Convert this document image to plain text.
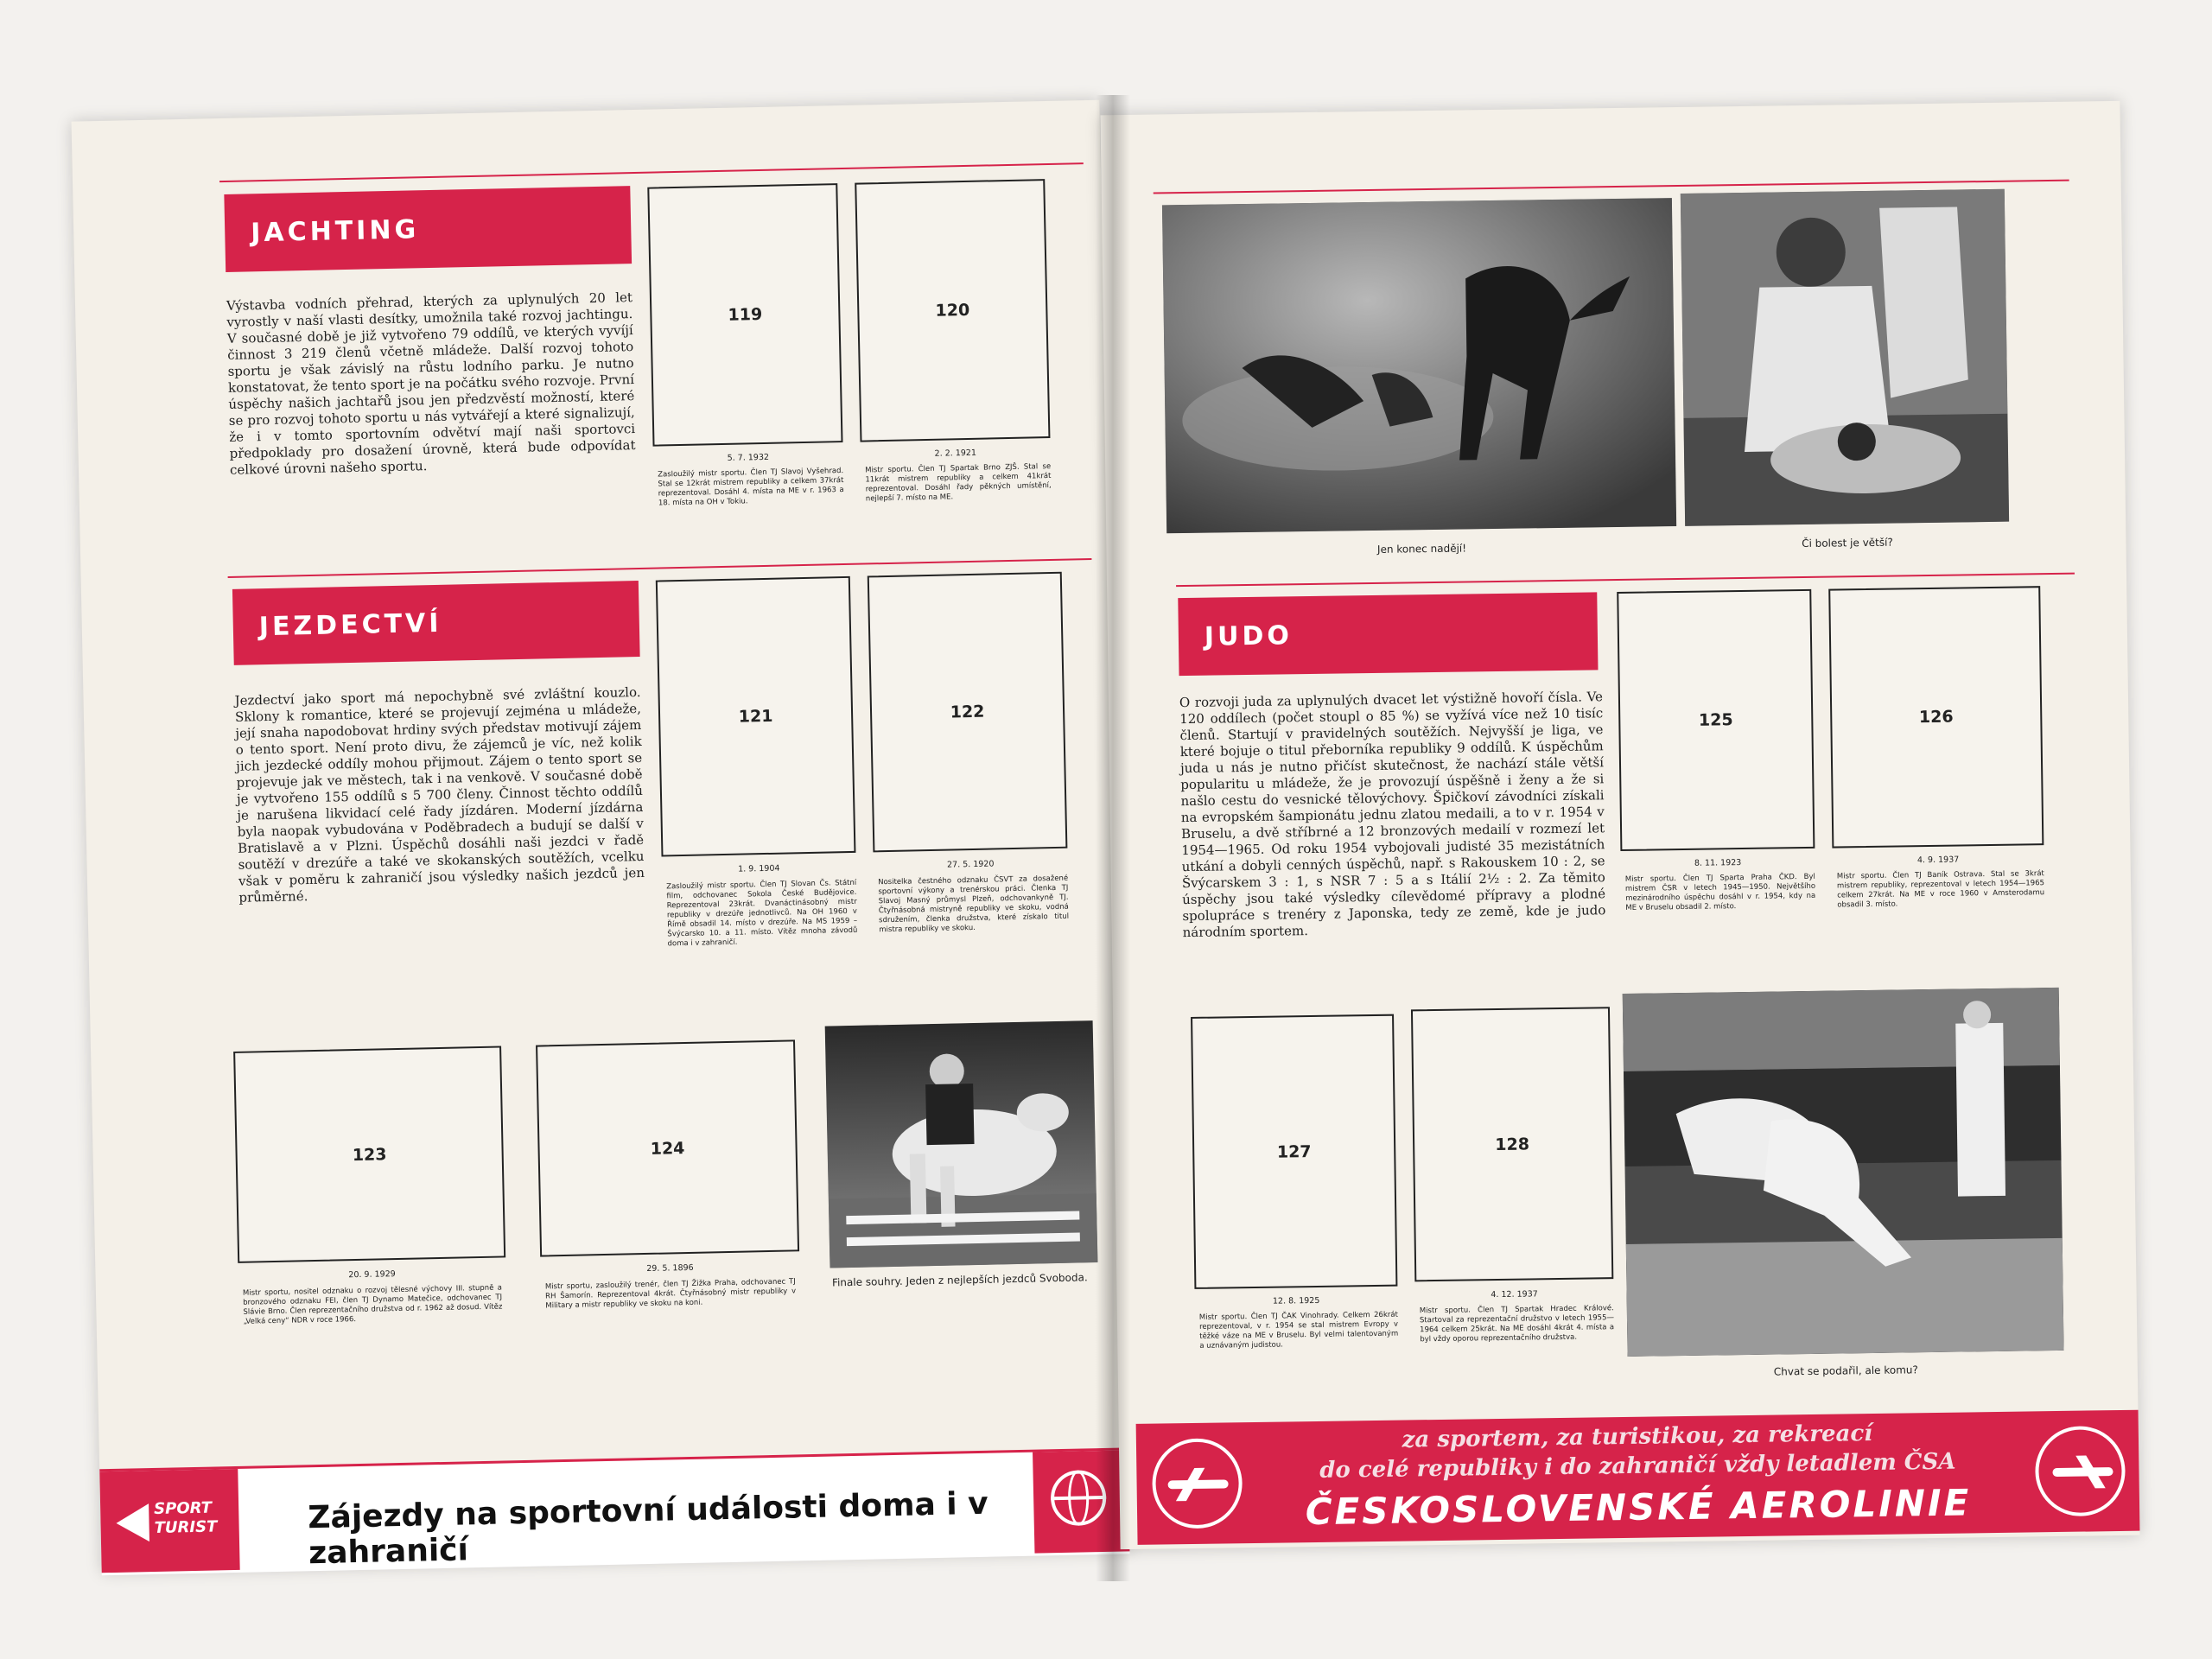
JACHTING
Výstavba vodních přehrad, kterých za uplynulých 20 let vyrostly v naší vlasti desítky, umožnila také rozvoj jachtingu. V současné době je již vytvořeno 79 oddílů, ve kterých vyvíjí činnost 3 219 členů včetně mládeže. Další rozvoj tohoto sportu je však závislý na růstu lodního parku. Je nutno konstatovat, že tento sport je na počátku svého rozvoje. První úspěchy našich jachtařů jsou jen předzvěstí možností, které se pro rozvoj tohoto sportu u nás vytvářejí a které signalizují, že i v tomto sportovním odvětví mají naši sportovci předpoklady pro dosažení úrovně, která bude odpovídat celkové úrovni našeho sportu.
119
5. 7. 1932
Zasloužilý mistr sportu. Člen TJ Slavoj Vyšehrad. Stal se 12krát mistrem republiky a celkem 37krát reprezentoval. Dosáhl 4. místa na ME v r. 1963 a 18. místa na OH v Tokiu.
120
2. 2. 1921
Mistr sportu. Člen TJ Spartak Brno ZJŠ. Stal se 11krát mistrem republiky a celkem 41krát reprezentoval. Dosáhl řady pěkných umístění, nejlepší 7. místo na ME.
JEZDECTVÍ
Jezdectví jako sport má nepochybně své zvláštní kouzlo. Sklony k romantice, které se projevují zejména u mládeže, její snaha napodobovat hrdiny svých představ motivují zájem o tento sport. Není proto divu, že zájemců je víc, než kolik jich jezdecké oddíly mohou přijmout. Zájem o tento sport se projevuje jak ve městech, tak i na venkově. V současné době je vytvořeno 155 oddílů s 5 700 členy. Činnost těchto oddílů je narušena likvidací celé řady jízdáren. Moderní jízdárna byla naopak vybudována v Poděbradech a budují se další v Bratislavě a v Plzni. Úspěchů dosáhli naši jezdci v řadě soutěží v drezúře a také ve skokanských soutěžích, vcelku však v poměru k zahraničí jsou výsledky našich jezdců jen průměrné.
121
1. 9. 1904
Zasloužilý mistr sportu. Člen TJ Slovan Čs. Státní film, odchovanec Sokola České Budějovice. Reprezentoval 23krát. Dvanáctinásobný mistr republiky v drezúře jednotlivců. Na OH 1960 v Římě obsadil 14. místo v drezúře. Na MS 1959 – Švýcarsko 10. a 11. místo. Vítěz mnoha závodů doma i v zahraničí.
122
27. 5. 1920
Nositelka čestného odznaku ČSVT za dosažené sportovní výkony a trenérskou práci. Členka TJ Slavoj Masný průmysl Plzeň, odchovankyně TJ. Čtyřnásobná mistryně republiky ve skoku, vodná sdružením, členka družstva, které získalo titul mistra republiky ve skoku.
123
20. 9. 1929
Mistr sportu, nositel odznaku o rozvoj tělesné výchovy III. stupně a bronzového odznaku FEI, člen TJ Dynamo Matečice, odchovanec TJ Slávie Brno. Člen reprezentačního družstva od r. 1962 až dosud. Vítěz „Velká ceny“ NDR v roce 1966.
124
29. 5. 1896
Mistr sportu, zasloužilý trenér, člen TJ Žižka Praha, odchovanec TJ RH Šamorín. Reprezentoval 4krát. Čtyřnásobný mistr republiky v Military a mistr republiky ve skoku na koni.
Finale souhry. Jeden z nejlepších jezdců Svoboda.
SPORT
TURIST	Zájezdy na sportovní události doma i v zahraničí
Jen konec nadějí!	Či bolest je větší?
JUDO
O rozvoji juda za uplynulých dvacet let výstižně hovoří čísla. Ve 120 oddílech (počet stoupl o 85 %) se vyžívá více než 10 tisíc členů. Startují v pravidelných soutěžích. Nejvyšší je liga, ve které bojuje o titul přeborníka republiky 9 oddílů. K úspěchům juda u nás je nutno přičíst skutečnost, že nachází stále větší popularitu u mládeže, že je provozují úspěšně i ženy a že si našlo cestu do vesnické tělovýchovy. Špičkoví závodníci získali na evropském šampionátu jednu zlatou medaili, a to v r. 1954 v Bruselu, a dvě stříbrné a 12 bronzových medailí v rozmezí let 1954—1965. Od roku 1954 vybojovali judisté 35 mezistátních utkání a dobyli cenných úspěchů, např. s Rakouskem 10 : 2, se Švýcarskem 3 : 1, s NSR 7 : 5 a s Itálií 2½ : 2. Za těmito úspěchy jsou také výsledky cílevědomé přípravy a plodné spolupráce s trenéry z Japonska, tedy ze země, kde je judo národním sportem.
125
8. 11. 1923
Mistr sportu. Člen TJ Sparta Praha ČKD. Byl mistrem ČSR v letech 1945—1950. Největšího mezinárodního úspěchu dosáhl v r. 1954, kdy na ME v Bruselu obsadil 2. místo.
126
4. 9. 1937
Mistr sportu. Člen TJ Baník Ostrava. Stal se 3krát mistrem republiky, reprezentoval v letech 1954—1965 celkem 27krát. Na ME v roce 1960 v Amsterodamu obsadil 3. místo.
127
12. 8. 1925
Mistr sportu. Člen TJ ČAK Vinohrady. Celkem 26krát reprezentoval, v r. 1954 se stal mistrem Evropy v těžké váze na ME v Bruselu. Byl velmi talentovaným a uznávaným judistou.
128
4. 12. 1937
Mistr sportu. Člen TJ Spartak Hradec Králové. Startoval za reprezentační družstvo v letech 1955—1964 celkem 25krát. Na ME dosáhl 4krát 4. místa a byl vždy oporou reprezentačního družstva.
Chvat se podařil, ale komu?
za sportem, za turistikou, za rekreací
do celé republiky i do zahraničí vždy letadlem ČSA
ČESKOSLOVENSKÉ AEROLINIE
